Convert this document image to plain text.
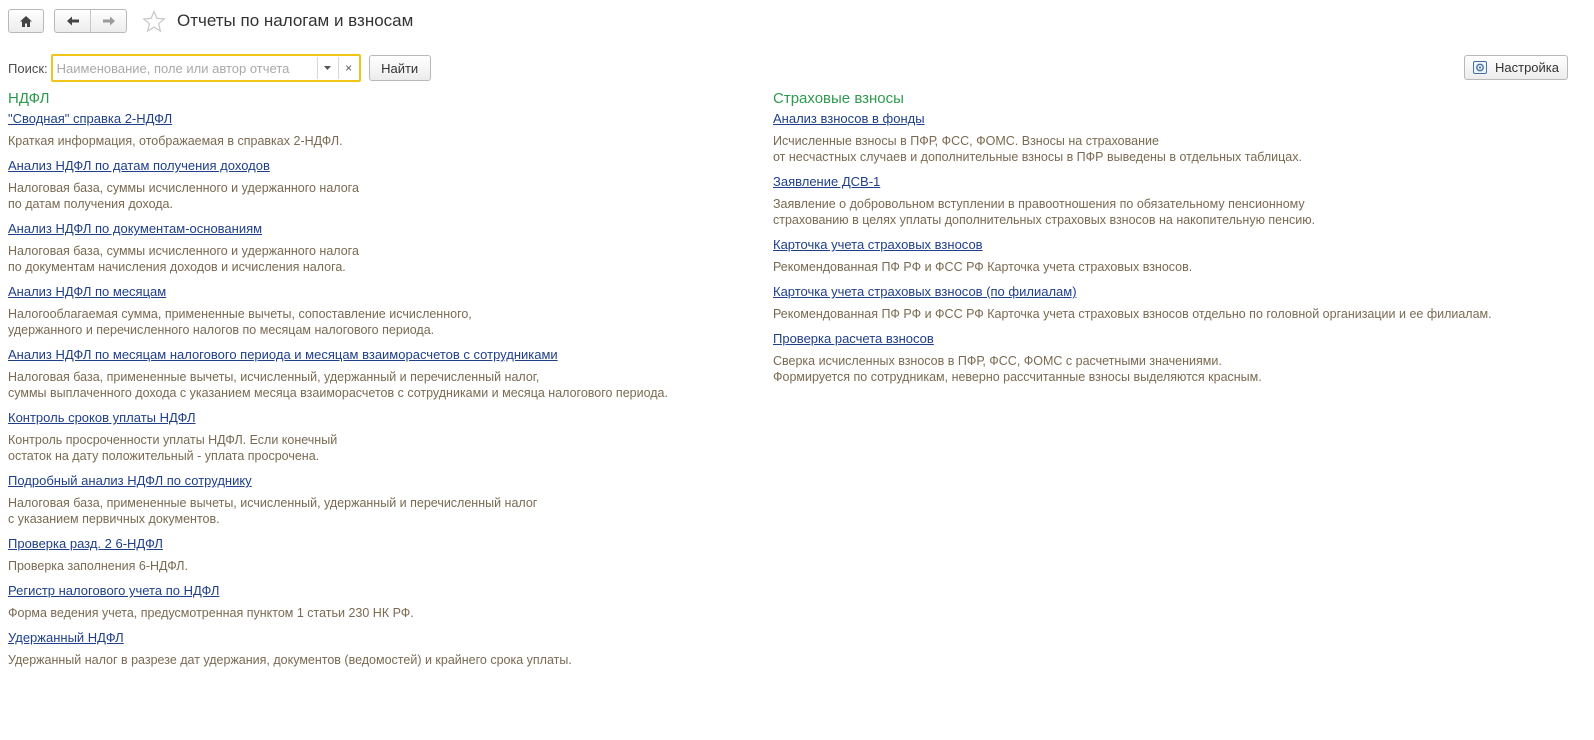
Отчеты по налогам и взносам
Поиск:
Наименование, поле или автор отчета	×	Найти	Настройка
НДФЛ
"Сводная" справка 2-НДФЛ
Краткая информация, отображаемая в справках 2-НДФЛ.
Анализ НДФЛ по датам получения доходов
Налоговая база, суммы исчисленного и удержанного налога
по датам получения дохода.
Анализ НДФЛ по документам-основаниям
Налоговая база, суммы исчисленного и удержанного налога
по документам начисления доходов и исчисления налога.
Анализ НДФЛ по месяцам
Налогооблагаемая сумма, примененные вычеты, сопоставление исчисленного,
удержанного и перечисленного налогов по месяцам налогового периода.
Анализ НДФЛ по месяцам налогового периода и месяцам взаиморасчетов с сотрудниками
Налоговая база, примененные вычеты, исчисленный, удержанный и перечисленный налог,
суммы выплаченного дохода с указанием месяца взаиморасчетов с сотрудниками и месяца налогового периода.
Контроль сроков уплаты НДФЛ
Контроль просроченности уплаты НДФЛ. Если конечный
остаток на дату положительный - уплата просрочена.
Подробный анализ НДФЛ по сотруднику
Налоговая база, примененные вычеты, исчисленный, удержанный и перечисленный налог
с указанием первичных документов.
Проверка разд. 2 6-НДФЛ
Проверка заполнения 6-НДФЛ.
Регистр налогового учета по НДФЛ
Форма ведения учета, предусмотренная пунктом 1 статьи 230 НК РФ.
Удержанный НДФЛ
Удержанный налог в разрезе дат удержания, документов (ведомостей) и крайнего срока уплаты.
Страховые взносы
Анализ взносов в фонды
Исчисленные взносы в ПФР, ФСС, ФОМС. Взносы на страхование
от несчастных случаев и дополнительные взносы в ПФР выведены в отдельных таблицах.
Заявление ДСВ-1
Заявление о добровольном вступлении в правоотношения по обязательному пенсионному
страхованию в целях уплаты дополнительных страховых взносов на накопительную пенсию.
Карточка учета страховых взносов
Рекомендованная ПФ РФ и ФСС РФ Карточка учета страховых взносов.
Карточка учета страховых взносов (по филиалам)
Рекомендованная ПФ РФ и ФСС РФ Карточка учета страховых взносов отдельно по головной организации и ее филиалам.
Проверка расчета взносов
Сверка исчисленных взносов в ПФР, ФСС, ФОМС с расчетными значениями.
Формируется по сотрудникам, неверно рассчитанные взносы выделяются красным.
